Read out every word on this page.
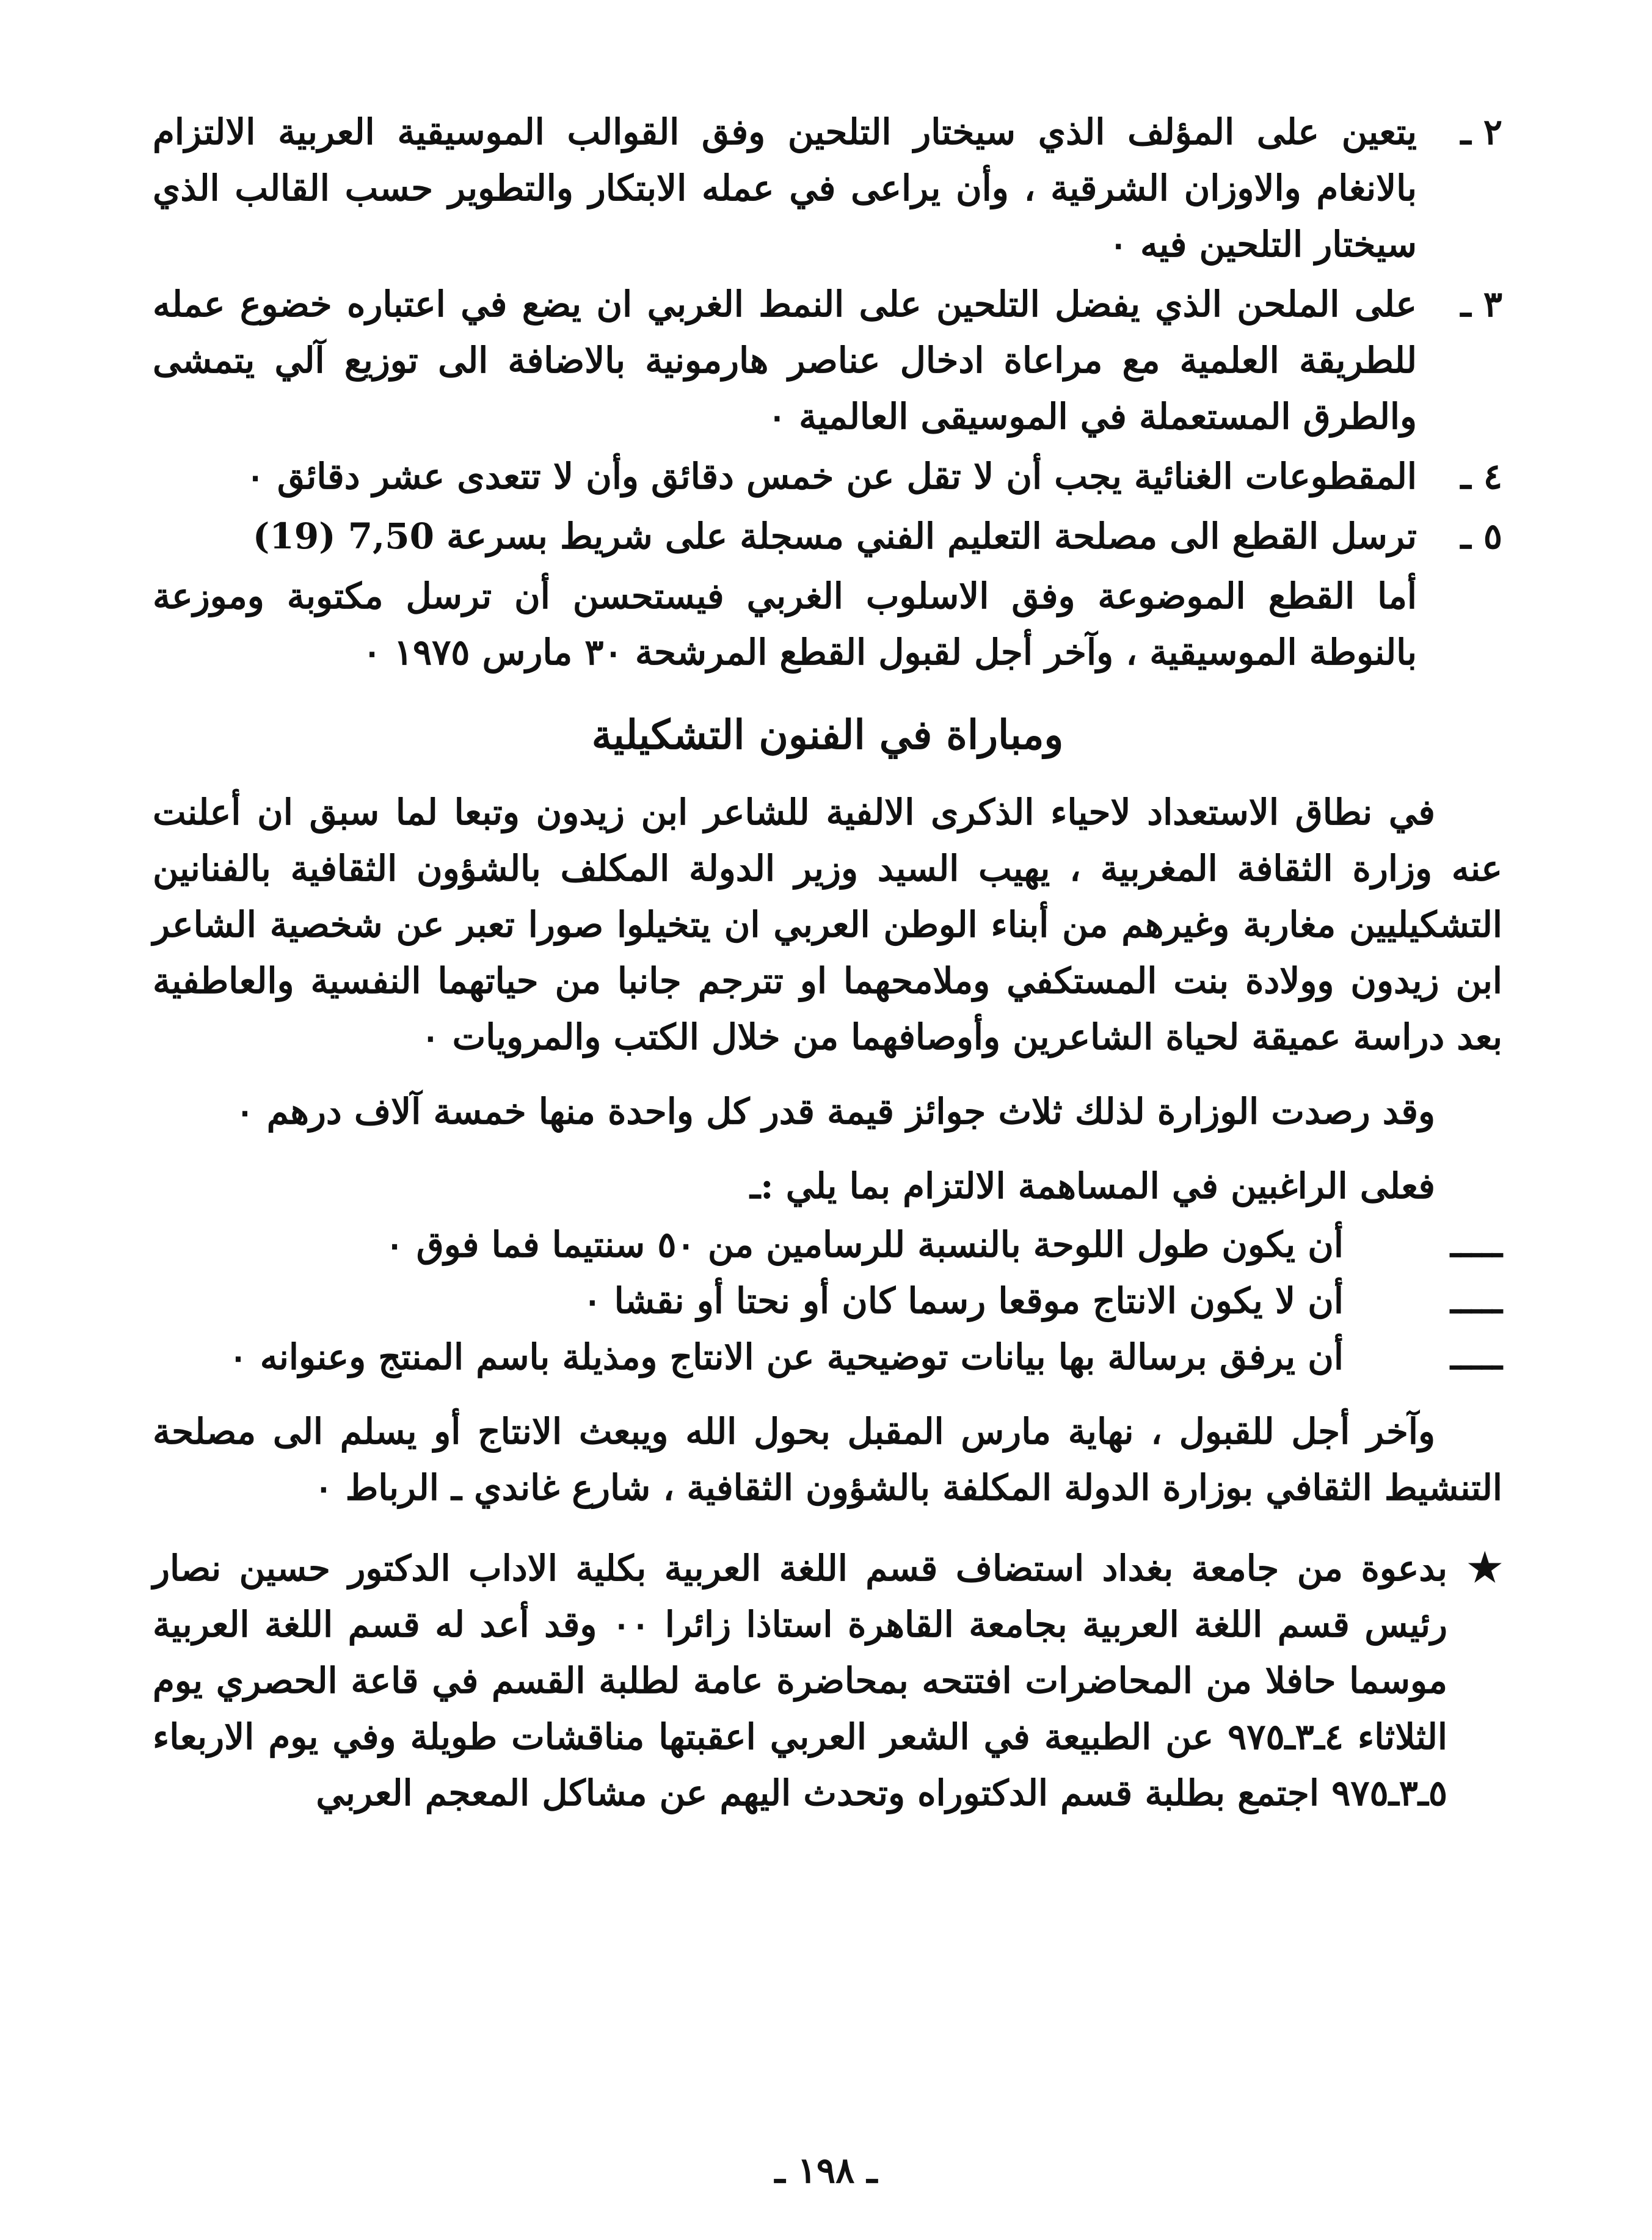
٢ ـ
يتعين على المؤلف الذي سيختار التلحين وفق القوالب الموسيقية العربية الالتزام بالانغام والاوزان الشرقية ، وأن يراعى في عمله الابتكار والتطوير حسب القالب الذي سيختار التلحين فيه ٠
٣ ـ
على الملحن الذي يفضل التلحين على النمط الغربي ان يضع في اعتباره خضوع عمله للطريقة العلمية مع مراعاة ادخال عناصر هارمونية بالاضافة الى توزيع آلي يتمشى والطرق المستعملة في الموسيقى العالمية ٠
٤ ـ
المقطوعات الغنائية يجب أن لا تقل عن خمس دقائق وأن لا تتعدى عشر دقائق ٠
٥ ـ
ترسل القطع الى مصلحة التعليم الفني مسجلة على شريط بسرعة 7,50 (19)
أما القطع الموضوعة وفق الاسلوب الغربي فيستحسن أن ترسل مكتوبة وموزعة بالنوطة الموسيقية ، وآخر أجل لقبول القطع المرشحة ٣٠ مارس ١٩٧٥ ٠
ومباراة في الفنون التشكيلية
في نطاق الاستعداد لاحياء الذكرى الالفية للشاعر ابن زيدون وتبعا لما سبق ان أعلنت عنه وزارة الثقافة المغربية ، يهيب السيد وزير الدولة المكلف بالشؤون الثقافية بالفنانين التشكيليين مغاربة وغيرهم من أبناء الوطن العربي ان يتخيلوا صورا تعبر عن شخصية الشاعر ابن زيدون وولادة بنت المستكفي وملامحهما او تترجم جانبا من حياتهما النفسية والعاطفية بعد دراسة عميقة لحياة الشاعرين وأوصافهما من خلال الكتب والمرويات ٠
وقد رصدت الوزارة لذلك ثلاث جوائز قيمة قدر كل واحدة منها خمسة آلاف درهم ٠
فعلى الراغبين في المساهمة الالتزام بما يلي :ـ
ـــــ
أن يكون طول اللوحة بالنسبة للرسامين من ٥٠ سنتيما فما فوق ٠
ـــــ
أن لا يكون الانتاج موقعا رسما كان أو نحتا أو نقشا ٠
ـــــ
أن يرفق برسالة بها بيانات توضيحية عن الانتاج ومذيلة باسم المنتج وعنوانه ٠
وآخر أجل للقبول ، نهاية مارس المقبل بحول الله ويبعث الانتاج أو يسلم الى مصلحة التنشيط الثقافي بوزارة الدولة المكلفة بالشؤون الثقافية ، شارع غاندي ـ الرباط ٠
★
بدعوة من جامعة بغداد استضاف قسم اللغة العربية بكلية الاداب الدكتور حسين نصار رئيس قسم اللغة العربية بجامعة القاهرة استاذا زائرا ٠٠ وقد أعد له قسم اللغة العربية موسما حافلا من المحاضرات افتتحه بمحاضرة عامة لطلبة القسم في قاعة الحصري يوم الثلاثاء ٤ـ٣ـ٩٧٥ عن الطبيعة في الشعر العربي اعقبتها مناقشات طويلة وفي يوم الاربعاء ٥ـ٣ـ٩٧٥ اجتمع بطلبة قسم الدكتوراه وتحدث اليهم عن مشاكل المعجم العربي
ـ ١٩٨ ـ
